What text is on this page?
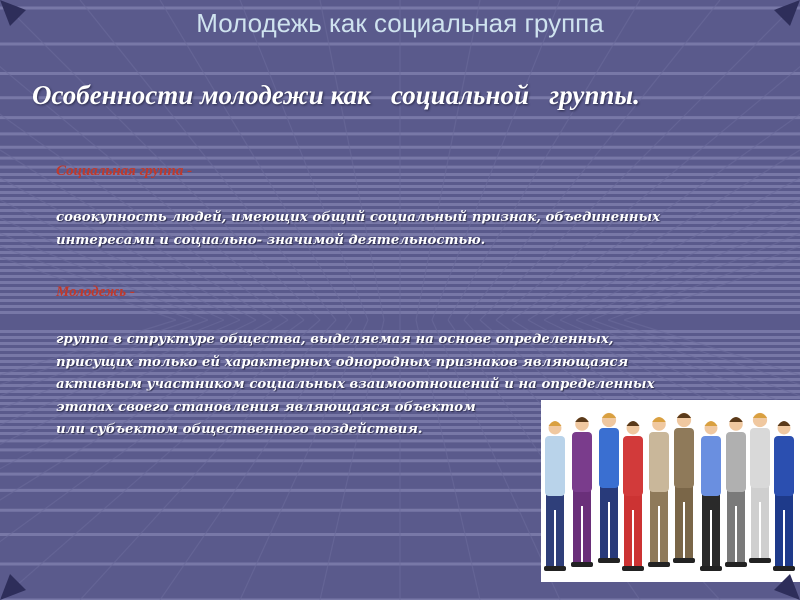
Молодежь как социальная группа
Особенности молодежи как   социальной   группы.
Социальная группа -
совокупность людей, имеющих общий социальный признак, объединенных
интересами и социально- значимой деятельностью.
Молодежь -
группа в структуре общества, выделяемая на основе определенных,
присущих только ей характерных однородных признаков являющаяся
активным участником социальных взаимоотношений и на определенных
этапах своего становления являющаяся объектом
или субъектом общественного воздействия.
